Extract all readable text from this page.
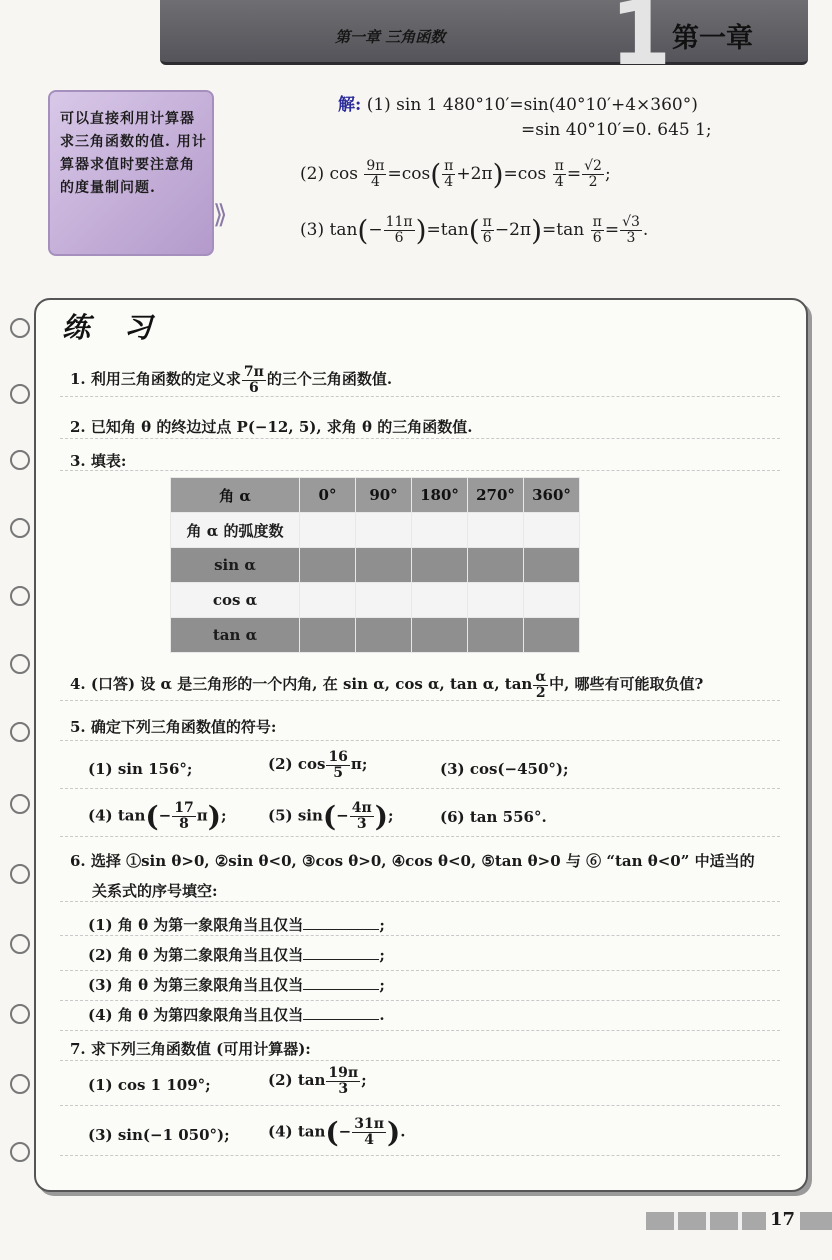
第一章 三角函数 1 第一章
可以直接利用计算器求三角函数的值. 用计算器求值时要注意角的度量制问题.
⟫
解: (1) sin 1 480°10′=sin(40°10′+4×360°)
=sin 40°10′=0. 645 1;
(2) $\cos \frac{9\pi}{4} =\cos( \frac{\pi}{4} +2\pi)=\cos \frac{\pi}{4} = \frac{√2}{2}$ ;
(3) $\tan(- \frac{11\pi}{6} )=\tan( \frac{\pi}{6} -2\pi)=\tan \frac{\pi}{6} = \frac{√3}{3}$ .
练 习
1. 利用三角函数的定义求 $\frac{7\pi}{6}$ 的三个三角函数值.
2. 已知角 θ 的终边过点 P(−12, 5), 求角 θ 的三角函数值.
3. 填表:
角 α	0°	90°	180°	270°	360°
角 α 的弧度数					
sin α					
cos α					
tan α					
4. (口答) 设 α 是三角形的一个内角, 在 sin α, cos α, tan α, $\tan \frac{\alpha}{2}$ 中, 哪些有可能取负值?
5. 确定下列三角函数值的符号:
(1) sin 156°;	(2) $\cos \frac{16}{5} \pi$;	(3) cos(−450°);
(4) $\tan(- \frac{17}{8} \pi)$;	(5) $\sin(- \frac{4\pi}{3}$ );	(6) tan 556°.
6. 选择 ①sin θ>0, ②sin θ<0, ③cos θ>0, ④cos θ<0, ⑤tan θ>0 与 ⑥ “tan θ<0” 中适当的
关系式的序号填空:
(1) 角 θ 为第一象限角当且仅当	;
(2) 角 θ 为第二象限角当且仅当	;
(3) 角 θ 为第三象限角当且仅当	;
(4) 角 θ 为第四象限角当且仅当	.
7. 求下列三角函数值 (可用计算器):
(1) cos 1 109°;	(2) $\tan \frac{19\pi}{3}$ ;
(3) sin(−1 050°);	(4) $\tan(- \frac{31\pi}{4}$ ).
17
